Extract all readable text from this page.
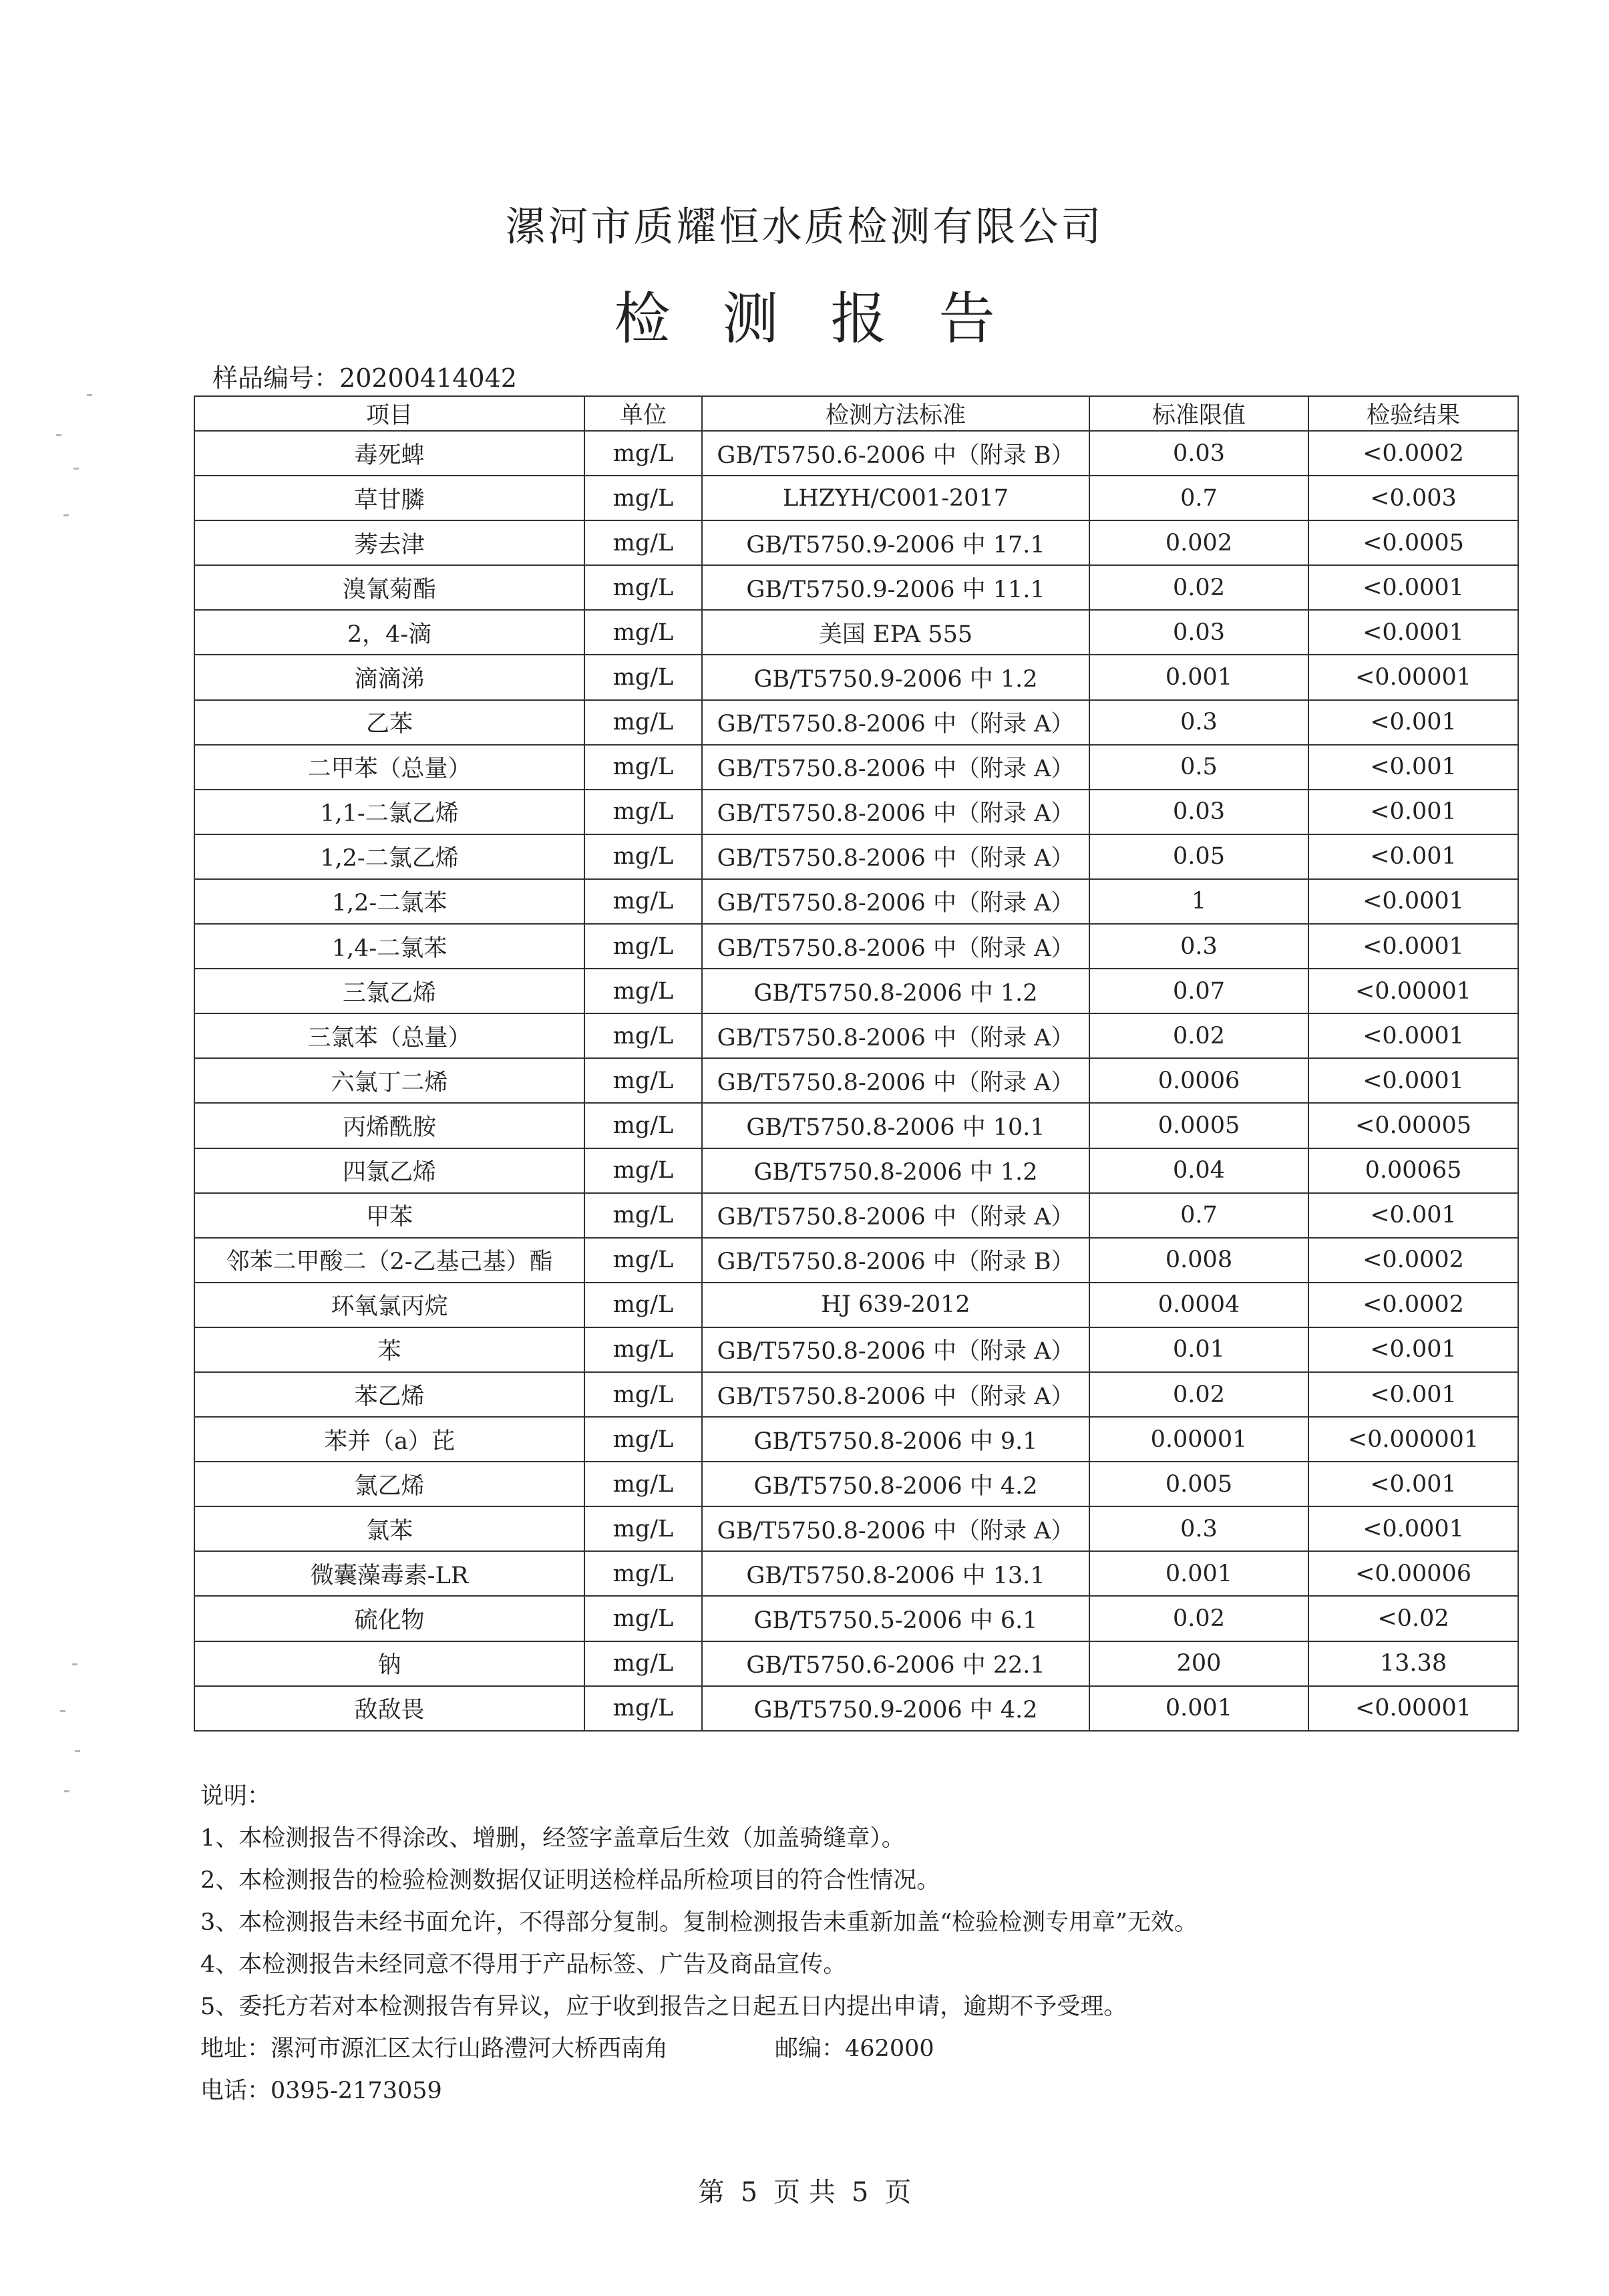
漯河市质耀恒水质检测有限公司
检测报告
样品编号：20200414042
项目	单位	检测方法标准	标准限值	检验结果
毒死蜱	mg/L	GB/T5750.6-2006 中（附录 B）	0.03	<0.0002
草甘膦	mg/L	LHZYH/C001-2017	0.7	<0.003
莠去津	mg/L	GB/T5750.9-2006 中 17.1	0.002	<0.0005
溴氰菊酯	mg/L	GB/T5750.9-2006 中 11.1	0.02	<0.0001
2，4-滴	mg/L	美国 EPA 555	0.03	<0.0001
滴滴涕	mg/L	GB/T5750.9-2006 中 1.2	0.001	<0.00001
乙苯	mg/L	GB/T5750.8-2006 中（附录 A）	0.3	<0.001
二甲苯（总量）	mg/L	GB/T5750.8-2006 中（附录 A）	0.5	<0.001
1,1-二氯乙烯	mg/L	GB/T5750.8-2006 中（附录 A）	0.03	<0.001
1,2-二氯乙烯	mg/L	GB/T5750.8-2006 中（附录 A）	0.05	<0.001
1,2-二氯苯	mg/L	GB/T5750.8-2006 中（附录 A）	1	<0.0001
1,4-二氯苯	mg/L	GB/T5750.8-2006 中（附录 A）	0.3	<0.0001
三氯乙烯	mg/L	GB/T5750.8-2006 中 1.2	0.07	<0.00001
三氯苯（总量）	mg/L	GB/T5750.8-2006 中（附录 A）	0.02	<0.0001
六氯丁二烯	mg/L	GB/T5750.8-2006 中（附录 A）	0.0006	<0.0001
丙烯酰胺	mg/L	GB/T5750.8-2006 中 10.1	0.0005	<0.00005
四氯乙烯	mg/L	GB/T5750.8-2006 中 1.2	0.04	0.00065
甲苯	mg/L	GB/T5750.8-2006 中（附录 A）	0.7	<0.001
邻苯二甲酸二（2-乙基己基）酯	mg/L	GB/T5750.8-2006 中（附录 B）	0.008	<0.0002
环氧氯丙烷	mg/L	HJ 639-2012	0.0004	<0.0002
苯	mg/L	GB/T5750.8-2006 中（附录 A）	0.01	<0.001
苯乙烯	mg/L	GB/T5750.8-2006 中（附录 A）	0.02	<0.001
苯并（a）芘	mg/L	GB/T5750.8-2006 中 9.1	0.00001	<0.000001
氯乙烯	mg/L	GB/T5750.8-2006 中 4.2	0.005	<0.001
氯苯	mg/L	GB/T5750.8-2006 中（附录 A）	0.3	<0.0001
微囊藻毒素-LR	mg/L	GB/T5750.8-2006 中 13.1	0.001	<0.00006
硫化物	mg/L	GB/T5750.5-2006 中 6.1	0.02	<0.02
钠	mg/L	GB/T5750.6-2006 中 22.1	200	13.38
敌敌畏	mg/L	GB/T5750.9-2006 中 4.2	0.001	<0.00001
说明：
1、本检测报告不得涂改、增删，经签字盖章后生效（加盖骑缝章）。
2、本检测报告的检验检测数据仅证明送检样品所检项目的符合性情况。
3、本检测报告未经书面允许，不得部分复制。复制检测报告未重新加盖“检验检测专用章”无效。
4、本检测报告未经同意不得用于产品标签、广告及商品宣传。
5、委托方若对本检测报告有异议，应于收到报告之日起五日内提出申请，逾期不予受理。
地址：漯河市源汇区太行山路澧河大桥西南角	邮编：462000
电话：0395-2173059
第 5 页 共 5 页
